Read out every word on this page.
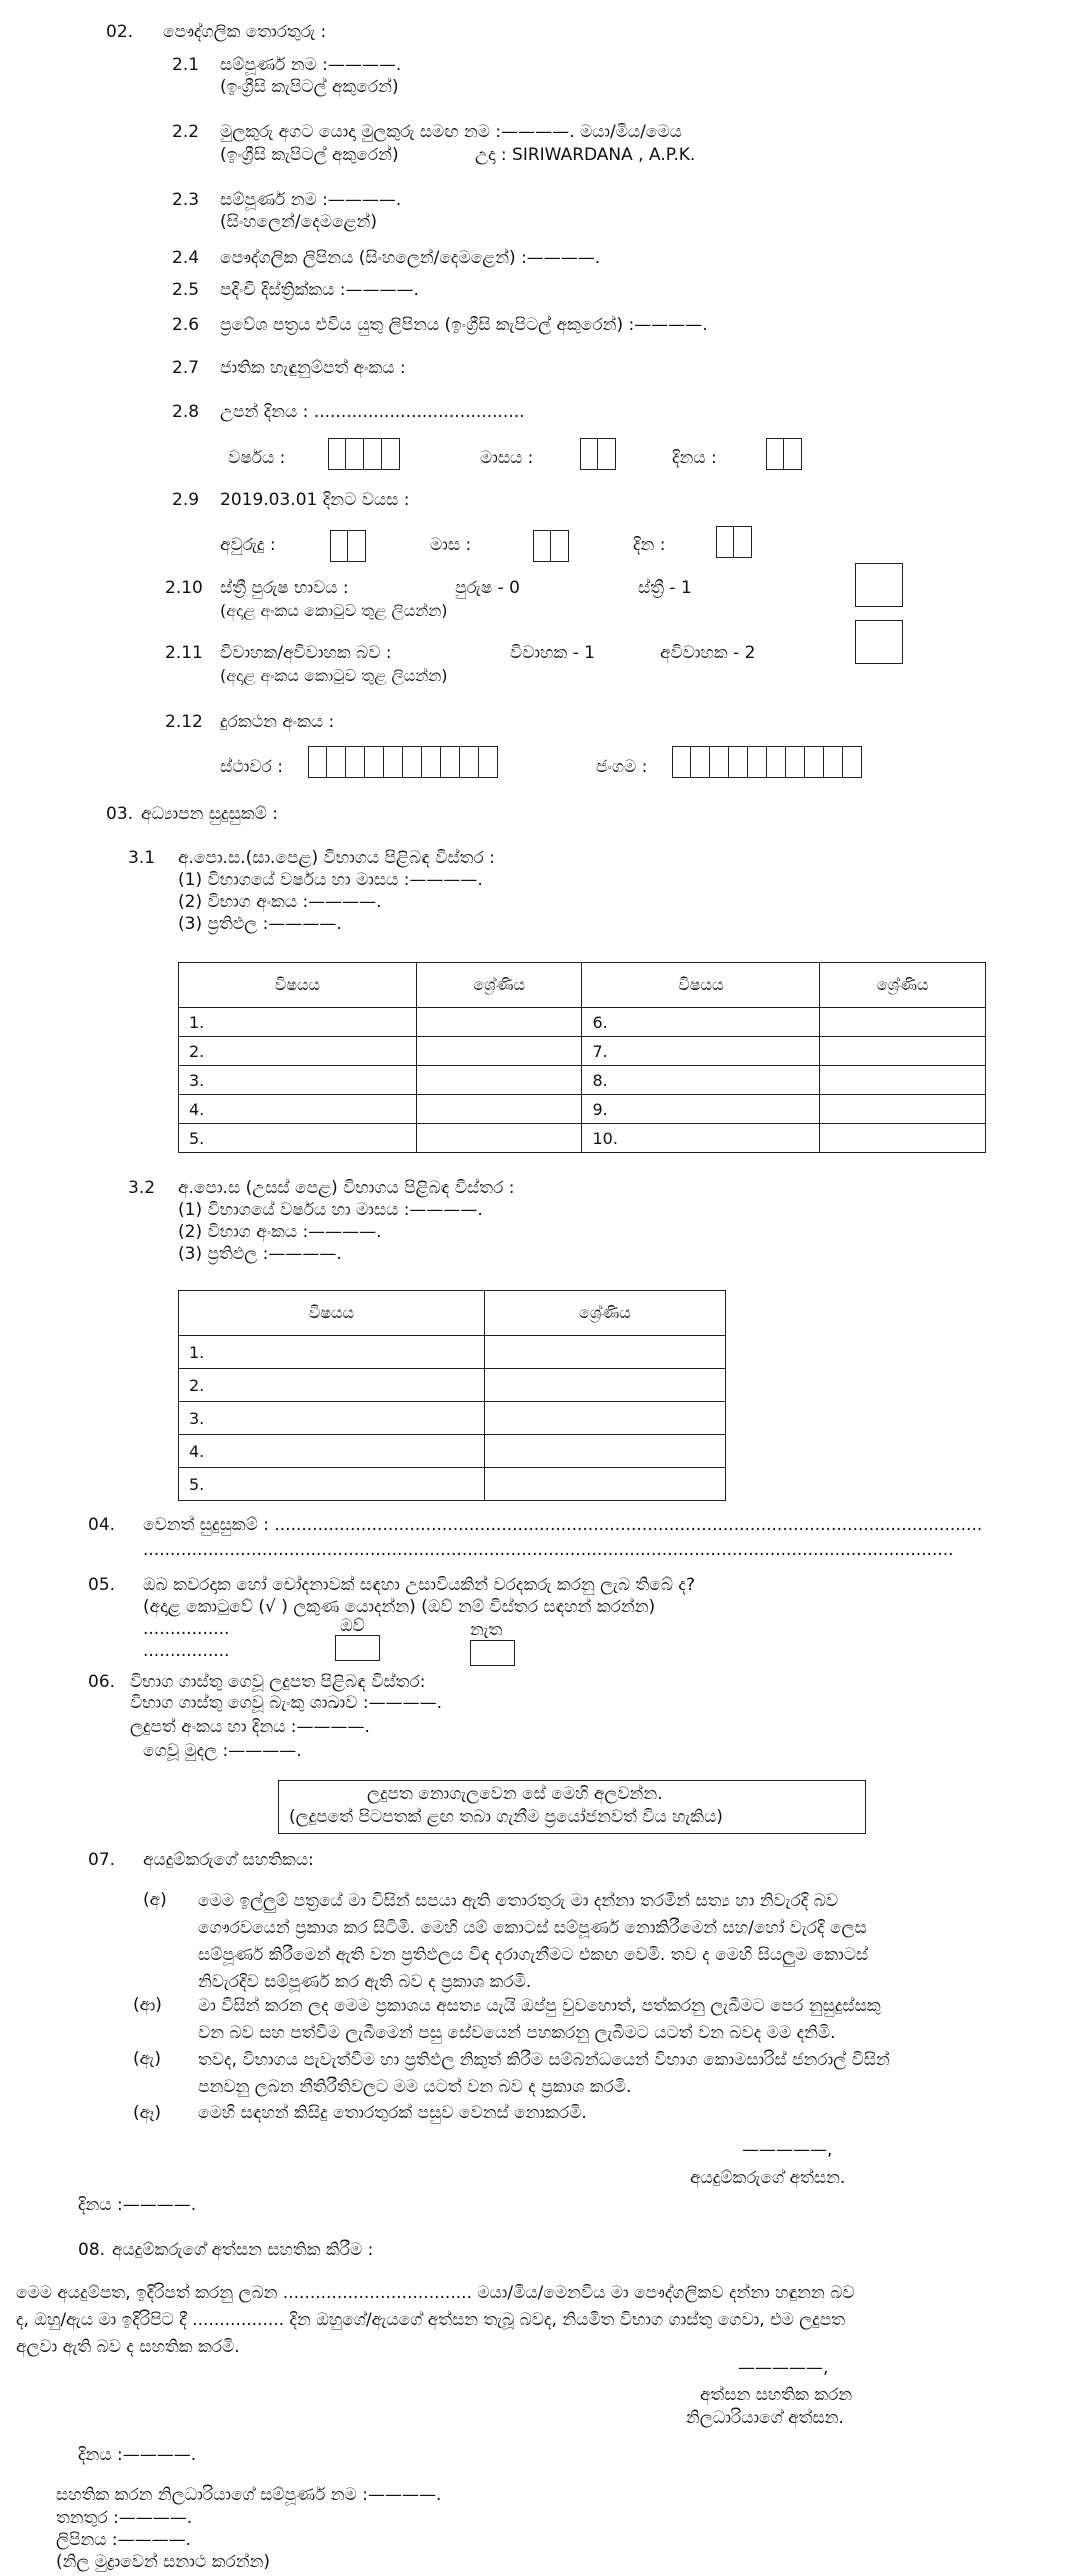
02. පෞද්ගලික තොරතුරු :
2.1 සම්පූර්ණ නම :————.
(ඉංග්‍රීසි කැපිටල් අකුරෙන්)
2.2 මුලකුරු අගට යොදා මුලකුරු සමඟ නම :————. මයා/මිය/මෙය
(ඉංග්‍රීසි කැපිටල් අකුරෙන්)	උදා : SIRIWARDANA , A.P.K.
2.3 සම්පූර්ණ නම :————.
(සිංහලෙන්/දෙමළෙන්)
2.4 පෞද්ගලික ලිපිනය (සිංහලෙන්/දෙමළෙන්) :————.
2.5 පදිංචි දිස්ත්‍රික්කය :————.
2.6 ප්‍රවේශ පත්‍රය එවිය යුතු ලිපිනය (ඉංග්‍රීසි කැපිටල් අකුරෙන්) :————.
2.7 ජාතික හැඳුනුම්පත් අංකය :
2.8 උපන් දිනය : .......................................
වර්ෂය :	මාසය :	දිනය :
2.9 2019.03.01 දිනට වයස :
අවුරුදු :	මාස :	දින :
2.10 ස්ත්‍රී පුරුෂ භාවය :	පුරුෂ - 0	ස්ත්‍රී - 1
(අදාළ අංකය කොටුව තුළ ලියන්න)
2.11 විවාහක/අවිවාහක බව :	විවාහක - 1	අවිවාහක - 2
(අදාළ අංකය කොටුව තුළ ලියන්න)
2.12 දුරකථන අංකය :
ස්ථාවර :	ජංගම :
03. අධ්‍යාපන සුදුසුකම් :
3.1 අ.පො.ස.(සා.පෙළ) විභාගය පිළිබඳ විස්තර :
(1) විභාගයේ වර්ෂය හා මාසය :————.
(2) විභාග අංකය :————.
(3) ප්‍රතිඵල :————.
විෂයය	ශ්‍රේණිය	විෂයය	ශ්‍රේණිය
1.		6.	
2.		7.	
3.		8.	
4.		9.	
5.		10.	
3.2 අ.පො.ස (උසස් පෙළ) විභාගය පිළිබඳ විස්තර :
(1) විභාගයේ වර්ෂය හා මාසය :————.
(2) විභාග අංකය :————.
(3) ප්‍රතිඵල :————.
විෂයය	ශ්‍රේණිය
1.	
2.	
3.	
4.	
5.	
04. වෙනත් සුදුසුකම් : ...................................................................................................................................
......................................................................................................................................................
05. ඔබ කවරදාක හෝ චෝදනාවක් සඳහා උසාවියකින් වරදකරු කරනු ලැබ තිබේ ද?
(අදාළ කොටුවේ (√ ) ලකුණ යොදන්න) (ඔව් නම් විස්තර සඳහන් කරන්න)
................
................
ඔව්	නැත
06. විභාග ගාස්තු ගෙවූ ලදුපත පිළිබඳ විස්තර:
විභාග ගාස්තු ගෙවූ බැංකු ශාඛාව :————.
ලදුපත් අංකය හා දිනය :————.
ගෙවූ මුදල :————.
ලදුපත නොගැලවෙන සේ මෙහි අලවන්න.
(ලදුපතේ පිටපතක් ළඟ තබා ගැනීම ප්‍රයෝජනවත් විය හැකිය)
07. අයදුම්කරුගේ සහතිකය:
(අ) මෙම ඉල්ලුම් පත්‍රයේ මා විසින් සපයා ඇති තොරතුරු මා දන්නා තරමින් සත්‍ය හා නිවැරදි බව
ගෞරවයෙන් ප්‍රකාශ කර සිටිමි. මෙහි යම් කොටස් සම්පූර්ණ නොකිරීමෙන් සහ/හෝ වැරදි ලෙස
සම්පූර්ණ කිරීමෙන් ඇති වන ප්‍රතිඵලය විඳ දරාගැනීමට එකඟ වෙමි. තව ද මෙහි සියලුම කොටස්
නිවැරදිව සම්පූර්ණ කර ඇති බව ද ප්‍රකාශ කරමි.
(ආ) මා විසින් කරන ලද මෙම ප්‍රකාශය අසත්‍ය යැයි ඔප්පු වුවහොත්, පත්කරනු ලැබීමට පෙර නුසුදුස්සකු
වන බව සහ පත්වීම ලැබීමෙන් පසු සේවයෙන් පහකරනු ලැබීමට යටත් වන බවද මම දනිමි.
(ඇ) තවද, විභාගය පැවැත්වීම හා ප්‍රතිඵල නිකුත් කිරීම සම්බන්ධයෙන් විභාග කොමසාරිස් ජනරාල් විසින්
පනවනු ලබන නීතිරීතිවලට මම යටත් වන බව ද ප්‍රකාශ කරමි.
(ඈ) මෙහි සඳහන් කිසිදු තොරතුරක් පසුව වෙනස් නොකරමි.
—————,
අයදුම්කරුගේ අත්සන.
දිනය :————.
08. අයදුම්කරුගේ අත්සන සහතික කිරීම :
මෙම අයදුම්පත, ඉදිරිපත් කරනු ලබන ................................... මයා/මිය/මෙනවිය මා පෞද්ගලිකව දන්නා හඳුනන බව
ද, ඔහු/ඇය මා ඉදිරිපිට දී ................. දින ඔහුගේ/ඇයගේ අත්සන තැබූ බවද, නියමිත විභාග ගාස්තු ගෙවා, එම ලදුපත
අලවා ඇති බව ද සහතික කරමි.
—————,
අත්සන සහතික කරන
නිලධාරියාගේ අත්සන.
දිනය :————.
සහතික කරන නිලධාරියාගේ සම්පූර්ණ නම :————.
තනතුර :————.
ලිපිනය :————.
(නිල මුද්‍රාවෙන් සනාථ කරන්න)
